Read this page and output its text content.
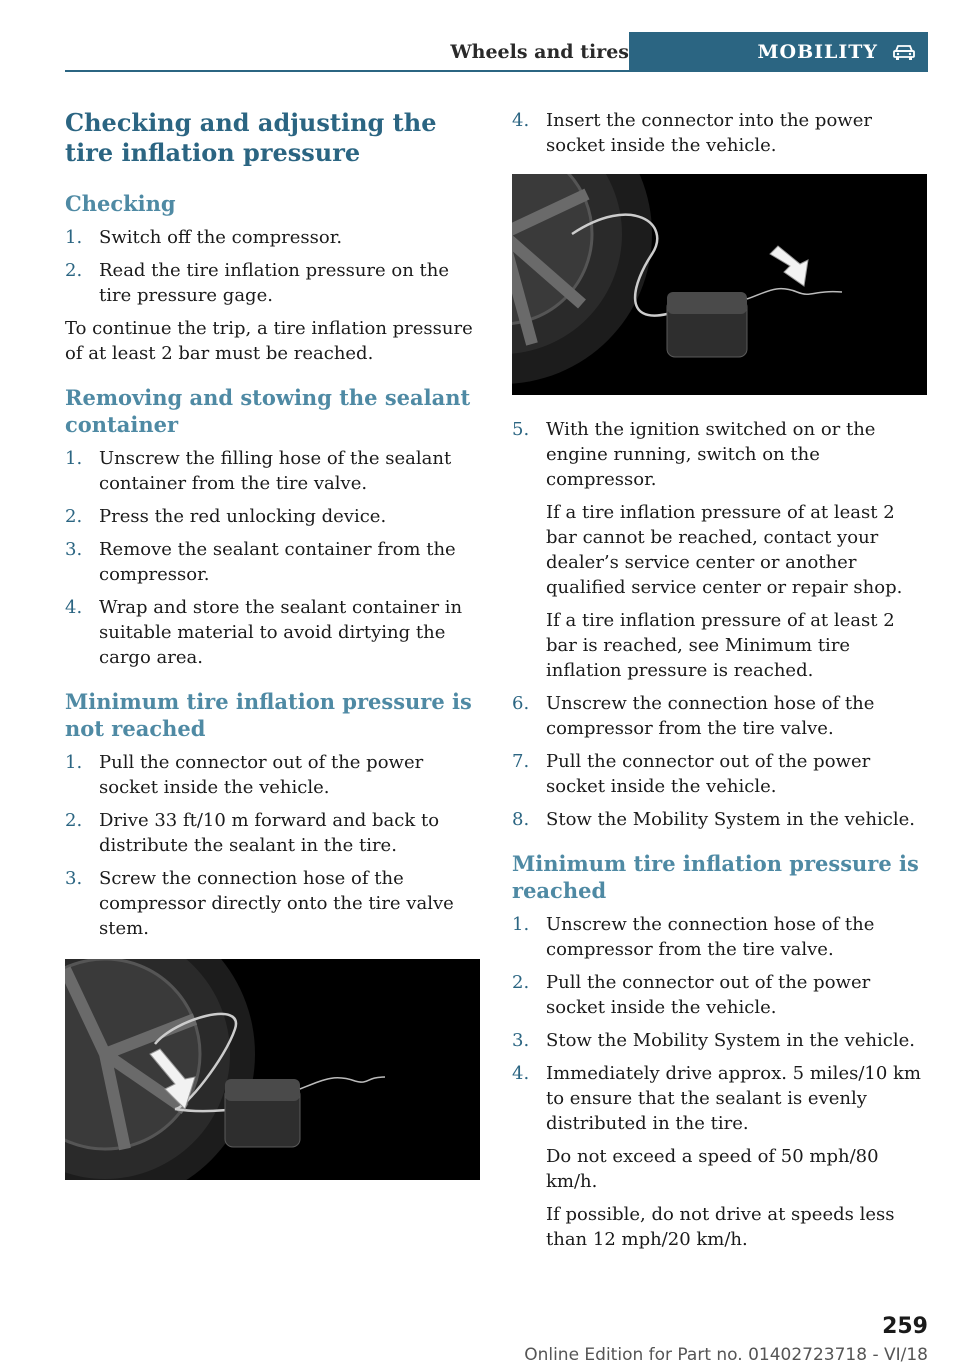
Wheels and tires	MOBILITY
Checking and adjusting the tire inflation pressure
Checking
1. Switch off the compressor.
2. Read the tire inflation pressure on the tire pressure gage.

To continue the trip, a tire inflation pressure of at least 2 bar must be reached.

Removing and stowing the sealant container
1. Unscrew the filling hose of the sealant container from the tire valve.
2. Press the red unlocking device.
3. Remove the sealant container from the compressor.
4. Wrap and store the sealant container in suitable material to avoid dirtying the cargo area.
Minimum tire inflation pressure is not reached
1. Pull the connector out of the power socket inside the vehicle.
2. Drive 33 ft/10 m forward and back to distribute the sealant in the tire.
3. Screw the connection hose of the compressor directly onto the tire valve stem.
4. Insert the connector into the power socket inside the vehicle.
5. With the ignition switched on or the engine running, switch on the compressor.
If a tire inflation pressure of at least 2 bar cannot be reached, contact your dealer’s service center or another qualified service center or repair shop.
If a tire inflation pressure of at least 2 bar is reached, see Minimum tire inflation pressure is reached.
6. Unscrew the connection hose of the compressor from the tire valve.
7. Pull the connector out of the power socket inside the vehicle.
8. Stow the Mobility System in the vehicle.
Minimum tire inflation pressure is reached
1. Unscrew the connection hose of the compressor from the tire valve.
2. Pull the connector out of the power socket inside the vehicle.
3. Stow the Mobility System in the vehicle.
4. Immediately drive approx. 5 miles/10 km to ensure that the sealant is evenly distributed in the tire.
Do not exceed a speed of 50 mph/80 km/h.
If possible, do not drive at speeds less than 12 mph/20 km/h.
259
Online Edition for Part no. 01402723718 - VI/18
